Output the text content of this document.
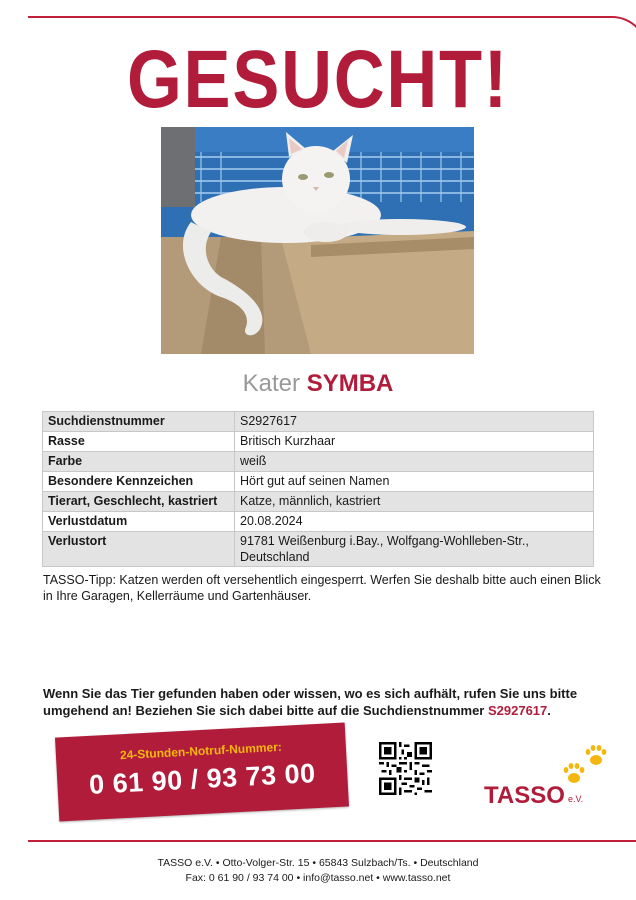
GESUCHT!
Kater SYMBA
Suchdienstnummer	S2927617
Rasse	Britisch Kurzhaar
Farbe	weiß
Besondere Kennzeichen	Hört gut auf seinen Namen
Tierart, Geschlecht, kastriert	Katze, männlich, kastriert
Verlustdatum	20.08.2024
Verlustort	91781 Weißenburg i.Bay., Wolfgang-Wohlleben-Str., Deutschland
TASSO-Tipp: Katzen werden oft versehentlich eingesperrt. Werfen Sie deshalb bitte auch einen Blick in Ihre Garagen, Kellerräume und Gartenhäuser.
Wenn Sie das Tier gefunden haben oder wissen, wo es sich aufhält, rufen Sie uns bitte umgehend an! Beziehen Sie sich dabei bitte auf die Suchdienstnummer S2927617.
24-Stunden-Notruf-Nummer:
0 61 90 / 93 73 00	TASSO e.V.
TASSO e.V. • Otto-Volger-Str. 15 • 65843 Sulzbach/Ts. • Deutschland
Fax: 0 61 90 / 93 74 00 • info@tasso.net • www.tasso.net
